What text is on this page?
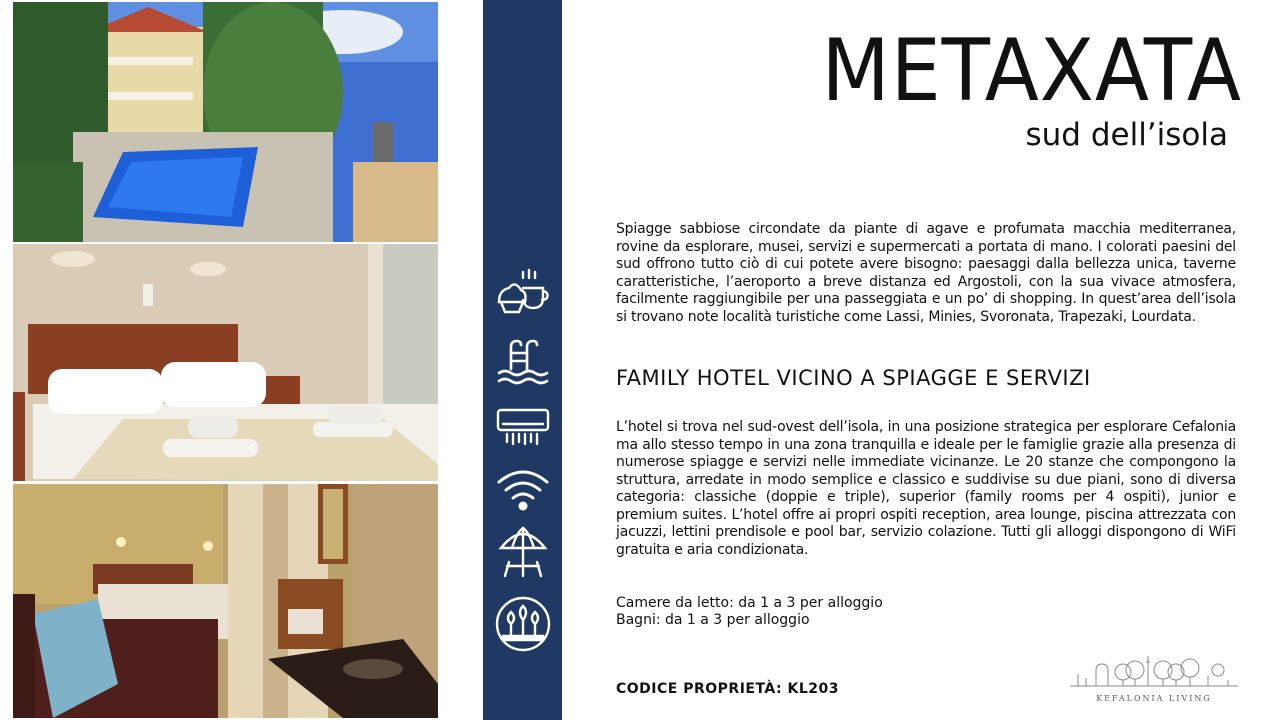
METAXATA
sud dell’isola
Spiagge sabbiose circondate da piante di agave e profumata macchia mediterranea, rovine da esplorare, musei, servizi e supermercati a portata di mano. I colorati paesini del sud offrono tutto ciò di cui potete avere bisogno: paesaggi dalla bellezza unica, taverne caratteristiche, l’aeroporto a breve distanza ed Argostoli, con la sua vivace atmosfera, facilmente raggiungibile per una passeggiata e un po’ di shopping. In quest’area dell’isola si trovano note località turistiche come Lassi, Minies, Svoronata, Trapezaki, Lourdata.
FAMILY HOTEL VICINO A SPIAGGE E SERVIZI
L’hotel si trova nel sud-ovest dell’isola, in una posizione strategica per esplorare Cefalonia ma allo stesso tempo in una zona tranquilla e ideale per le famiglie grazie alla presenza di numerose spiagge e servizi nelle immediate vicinanze. Le 20 stanze che compongono la struttura, arredate in modo semplice e classico e suddivise su due piani, sono di diversa categoria: classiche (doppie e triple), superior (family rooms per 4 ospiti), junior e premium suites. L’hotel offre ai propri ospiti reception, area lounge, piscina attrezzata con jacuzzi, lettini prendisole e pool bar, servizio colazione. Tutti gli alloggi dispongono di WiFi gratuita e aria condizionata.
Camere da letto: da 1 a 3 per alloggio
Bagni: da 1 a 3 per alloggio
CODICE PROPRIETÀ: KL203
KEFALONIA LIVING
